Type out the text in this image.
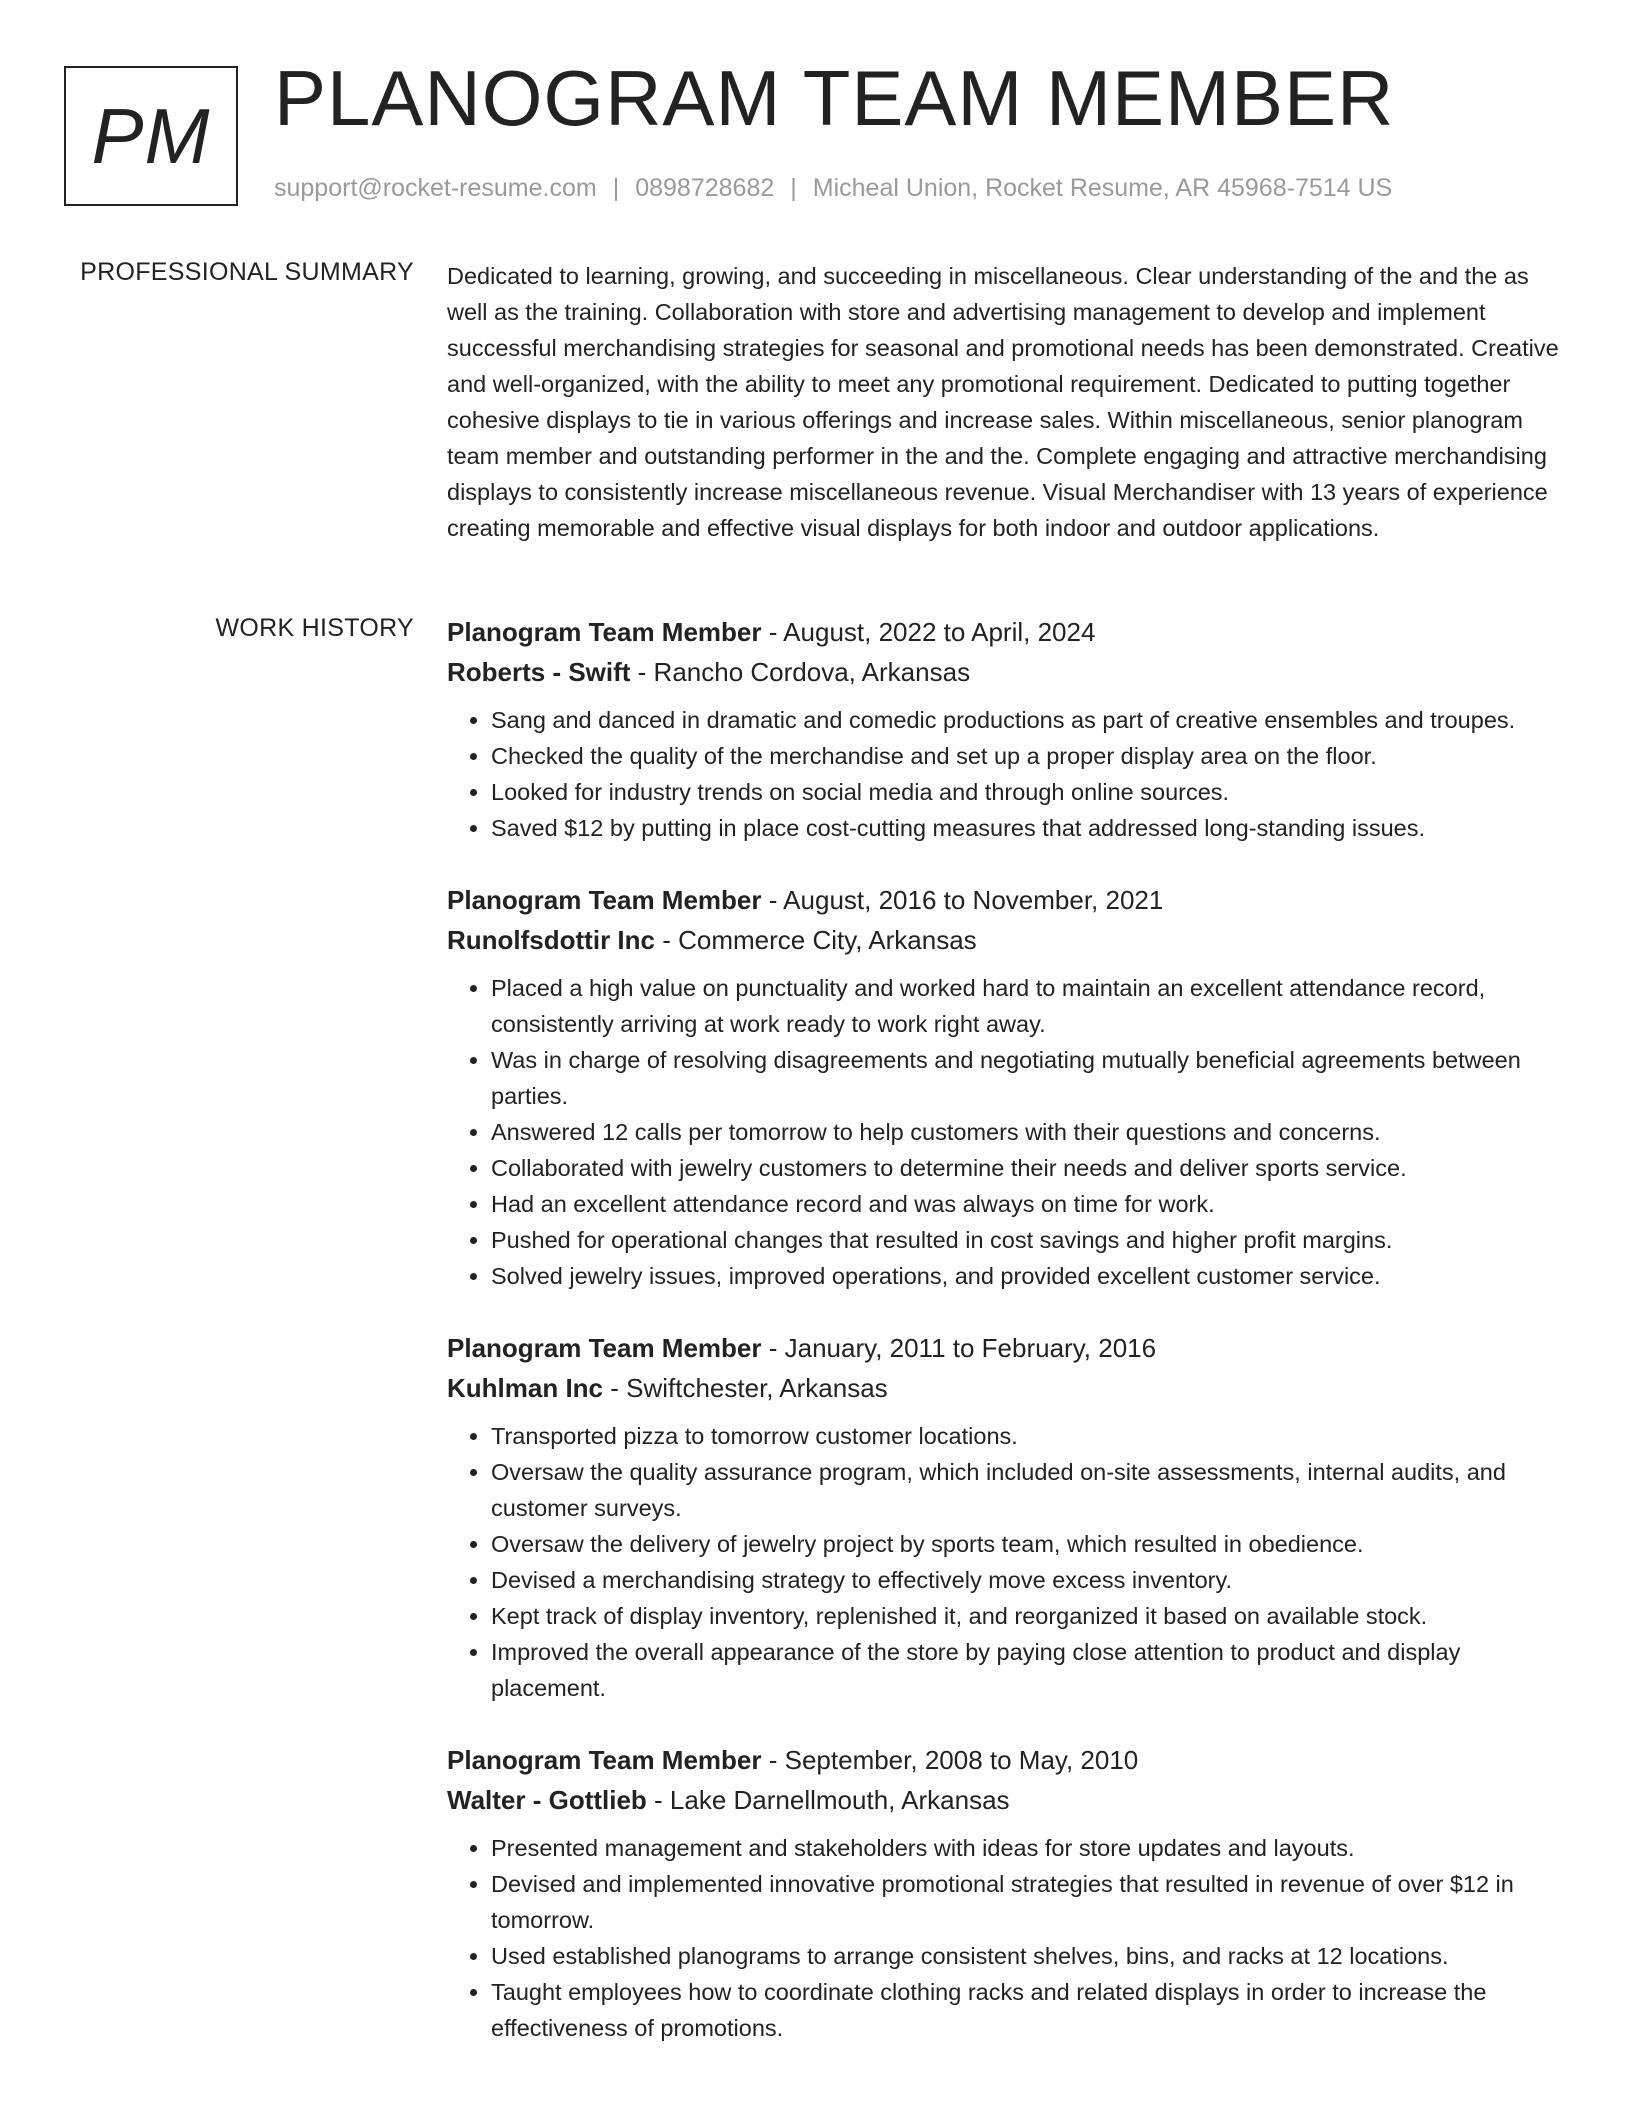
PM PLANOGRAM TEAM MEMBER
support@rocket-resume.com | 0898728682 | Micheal Union, Rocket Resume, AR 45968-7514 US
PROFESSIONAL SUMMARY Dedicated to learning, growing, and succeeding in miscellaneous. Clear understanding of the and the as well as the training. Collaboration with store and advertising management to develop and implement successful merchandising strategies for seasonal and promotional needs has been demonstrated. Creative and well-organized, with the ability to meet any promotional requirement. Dedicated to putting together cohesive displays to tie in various offerings and increase sales. Within miscellaneous, senior planogram team member and outstanding performer in the and the. Complete engaging and attractive merchandising displays to consistently increase miscellaneous revenue. Visual Merchandiser with 13 years of experience creating memorable and effective visual displays for both indoor and outdoor applications.

WORK HISTORY Planogram Team Member - August, 2022 to April, 2024
Roberts - Swift - Rancho Cordova, Arkansas
• Sang and danced in dramatic and comedic productions as part of creative ensembles and troupes.
• Checked the quality of the merchandise and set up a proper display area on the floor.
• Looked for industry trends on social media and through online sources.
• Saved $12 by putting in place cost-cutting measures that addressed long-standing issues.
Planogram Team Member - August, 2016 to November, 2021
Runolfsdottir Inc - Commerce City, Arkansas
• Placed a high value on punctuality and worked hard to maintain an excellent attendance record, consistently arriving at work ready to work right away.
• Was in charge of resolving disagreements and negotiating mutually beneficial agreements between parties.
• Answered 12 calls per tomorrow to help customers with their questions and concerns.
• Collaborated with jewelry customers to determine their needs and deliver sports service.
• Had an excellent attendance record and was always on time for work.
• Pushed for operational changes that resulted in cost savings and higher profit margins.
• Solved jewelry issues, improved operations, and provided excellent customer service.
Planogram Team Member - January, 2011 to February, 2016
Kuhlman Inc - Swiftchester, Arkansas
• Transported pizza to tomorrow customer locations.
• Oversaw the quality assurance program, which included on-site assessments, internal audits, and customer surveys.
• Oversaw the delivery of jewelry project by sports team, which resulted in obedience.
• Devised a merchandising strategy to effectively move excess inventory.
• Kept track of display inventory, replenished it, and reorganized it based on available stock.
• Improved the overall appearance of the store by paying close attention to product and display placement.
Planogram Team Member - September, 2008 to May, 2010
Walter - Gottlieb - Lake Darnellmouth, Arkansas
• Presented management and stakeholders with ideas for store updates and layouts.
• Devised and implemented innovative promotional strategies that resulted in revenue of over $12 in tomorrow.
• Used established planograms to arrange consistent shelves, bins, and racks at 12 locations.
• Taught employees how to coordinate clothing racks and related displays in order to increase the effectiveness of promotions.
